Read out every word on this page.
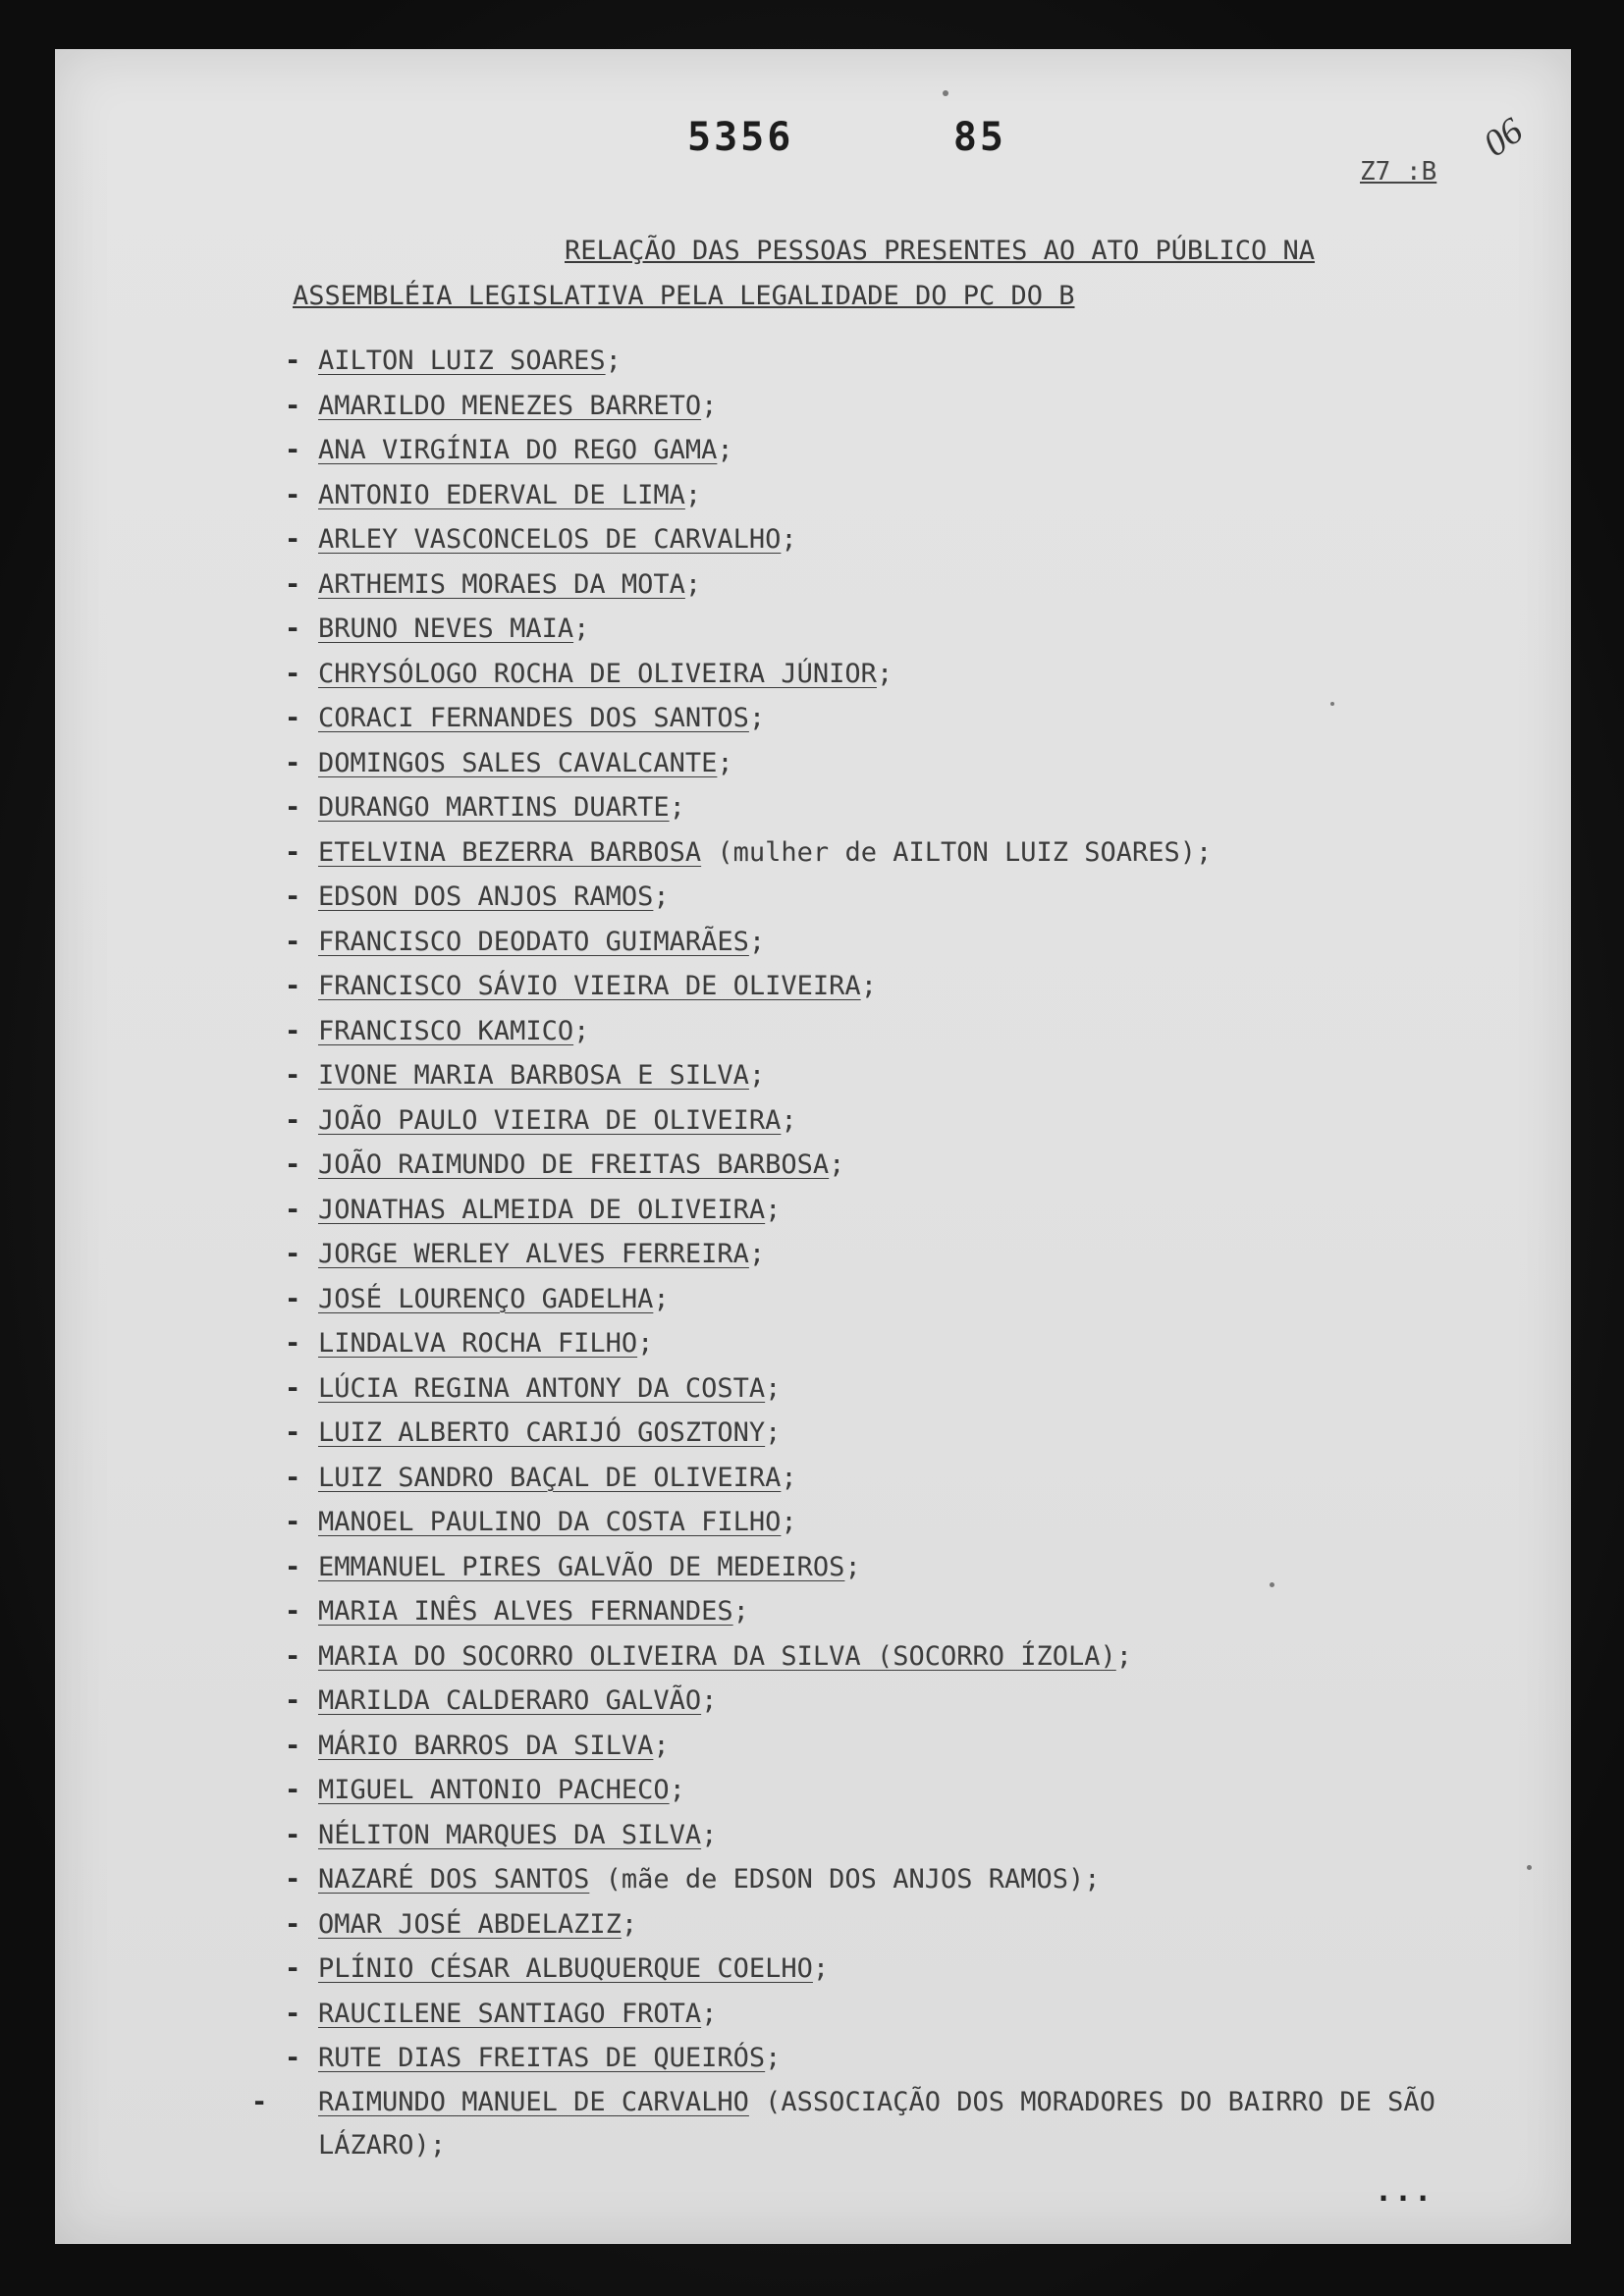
5356      85	06
Z7 :B
RELAÇÃO DAS PESSOAS PRESENTES AO ATO PÚBLICO NA
ASSEMBLÉIA LEGISLATIVA PELA LEGALIDADE DO PC DO B
-AILTON LUIZ SOARES;
-AMARILDO MENEZES BARRETO;
-ANA VIRGÍNIA DO REGO GAMA;
-ANTONIO EDERVAL DE LIMA;
-ARLEY VASCONCELOS DE CARVALHO;
-ARTHEMIS MORAES DA MOTA;
-BRUNO NEVES MAIA;
-CHRYSÓLOGO ROCHA DE OLIVEIRA JÚNIOR;
-CORACI FERNANDES DOS SANTOS;
-DOMINGOS SALES CAVALCANTE;
-DURANGO MARTINS DUARTE;
-ETELVINA BEZERRA BARBOSA (mulher de AILTON LUIZ SOARES);
-EDSON DOS ANJOS RAMOS;
-FRANCISCO DEODATO GUIMARÃES;
-FRANCISCO SÁVIO VIEIRA DE OLIVEIRA;
-FRANCISCO KAMICO;
-IVONE MARIA BARBOSA E SILVA;
-JOÃO PAULO VIEIRA DE OLIVEIRA;
-JOÃO RAIMUNDO DE FREITAS BARBOSA;
-JONATHAS ALMEIDA DE OLIVEIRA;
-JORGE WERLEY ALVES FERREIRA;
-JOSÉ LOURENÇO GADELHA;
-LINDALVA ROCHA FILHO;
-LÚCIA REGINA ANTONY DA COSTA;
-LUIZ ALBERTO CARIJÓ GOSZTONY;
-LUIZ SANDRO BAÇAL DE OLIVEIRA;
-MANOEL PAULINO DA COSTA FILHO;
-EMMANUEL PIRES GALVÃO DE MEDEIROS;
-MARIA INÊS ALVES FERNANDES;
-MARIA DO SOCORRO OLIVEIRA DA SILVA (SOCORRO ÍZOLA);
-MARILDA CALDERARO GALVÃO;
-MÁRIO BARROS DA SILVA;
-MIGUEL ANTONIO PACHECO;
-NÉLITON MARQUES DA SILVA;
-NAZARÉ DOS SANTOS (mãe de EDSON DOS ANJOS RAMOS);
-OMAR JOSÉ ABDELAZIZ;
-PLÍNIO CÉSAR ALBUQUERQUE COELHO;
-RAUCILENE SANTIAGO FROTA;
-RUTE DIAS FREITAS DE QUEIRÓS;
-RAIMUNDO MANUEL DE CARVALHO (ASSOCIAÇÃO DOS MORADORES DO BAIRRO DE SÃO LÁZARO);
...
